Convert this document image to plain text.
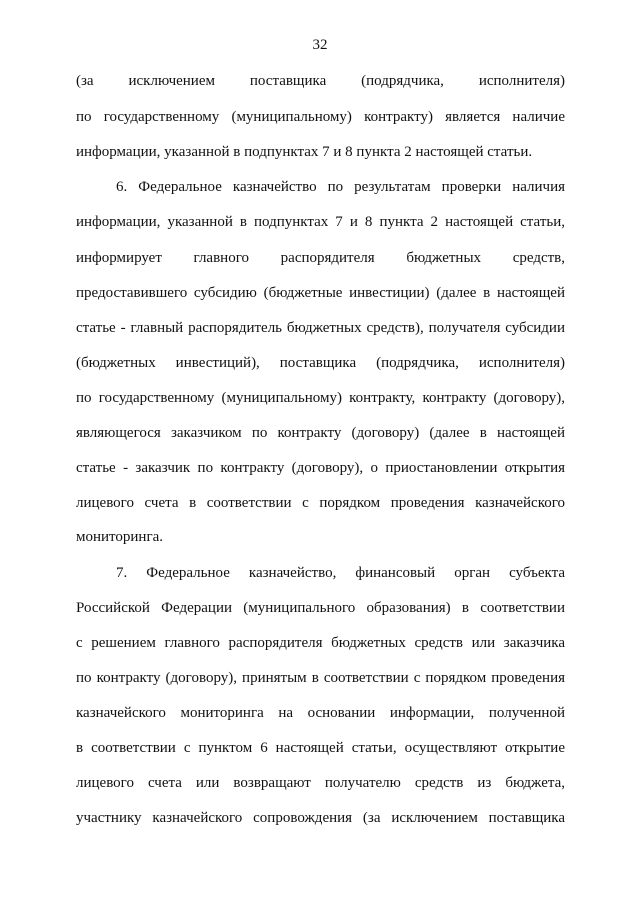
32
(за исключением поставщика (подрядчика, исполнителя)
по государственному (муниципальному) контракту) является наличие
информации, указанной в подпунктах 7 и 8 пункта 2 настоящей статьи.
6. Федеральное казначейство по результатам проверки наличия
информации, указанной в подпунктах 7 и 8 пункта 2 настоящей статьи,
информирует главного распорядителя бюджетных средств,
предоставившего субсидию (бюджетные инвестиции) (далее в настоящей
статье - главный распорядитель бюджетных средств), получателя субсидии
(бюджетных инвестиций), поставщика (подрядчика, исполнителя)
по государственному (муниципальному) контракту, контракту (договору),
являющегося заказчиком по контракту (договору) (далее в настоящей
статье - заказчик по контракту (договору), о приостановлении открытия
лицевого счета в соответствии с порядком проведения казначейского
мониторинга.
7. Федеральное казначейство, финансовый орган субъекта
Российской Федерации (муниципального образования) в соответствии
с решением главного распорядителя бюджетных средств или заказчика
по контракту (договору), принятым в соответствии с порядком проведения
казначейского мониторинга на основании информации, полученной
в соответствии с пунктом 6 настоящей статьи, осуществляют открытие
лицевого счета или возвращают получателю средств из бюджета,
участнику казначейского сопровождения (за исключением поставщика
